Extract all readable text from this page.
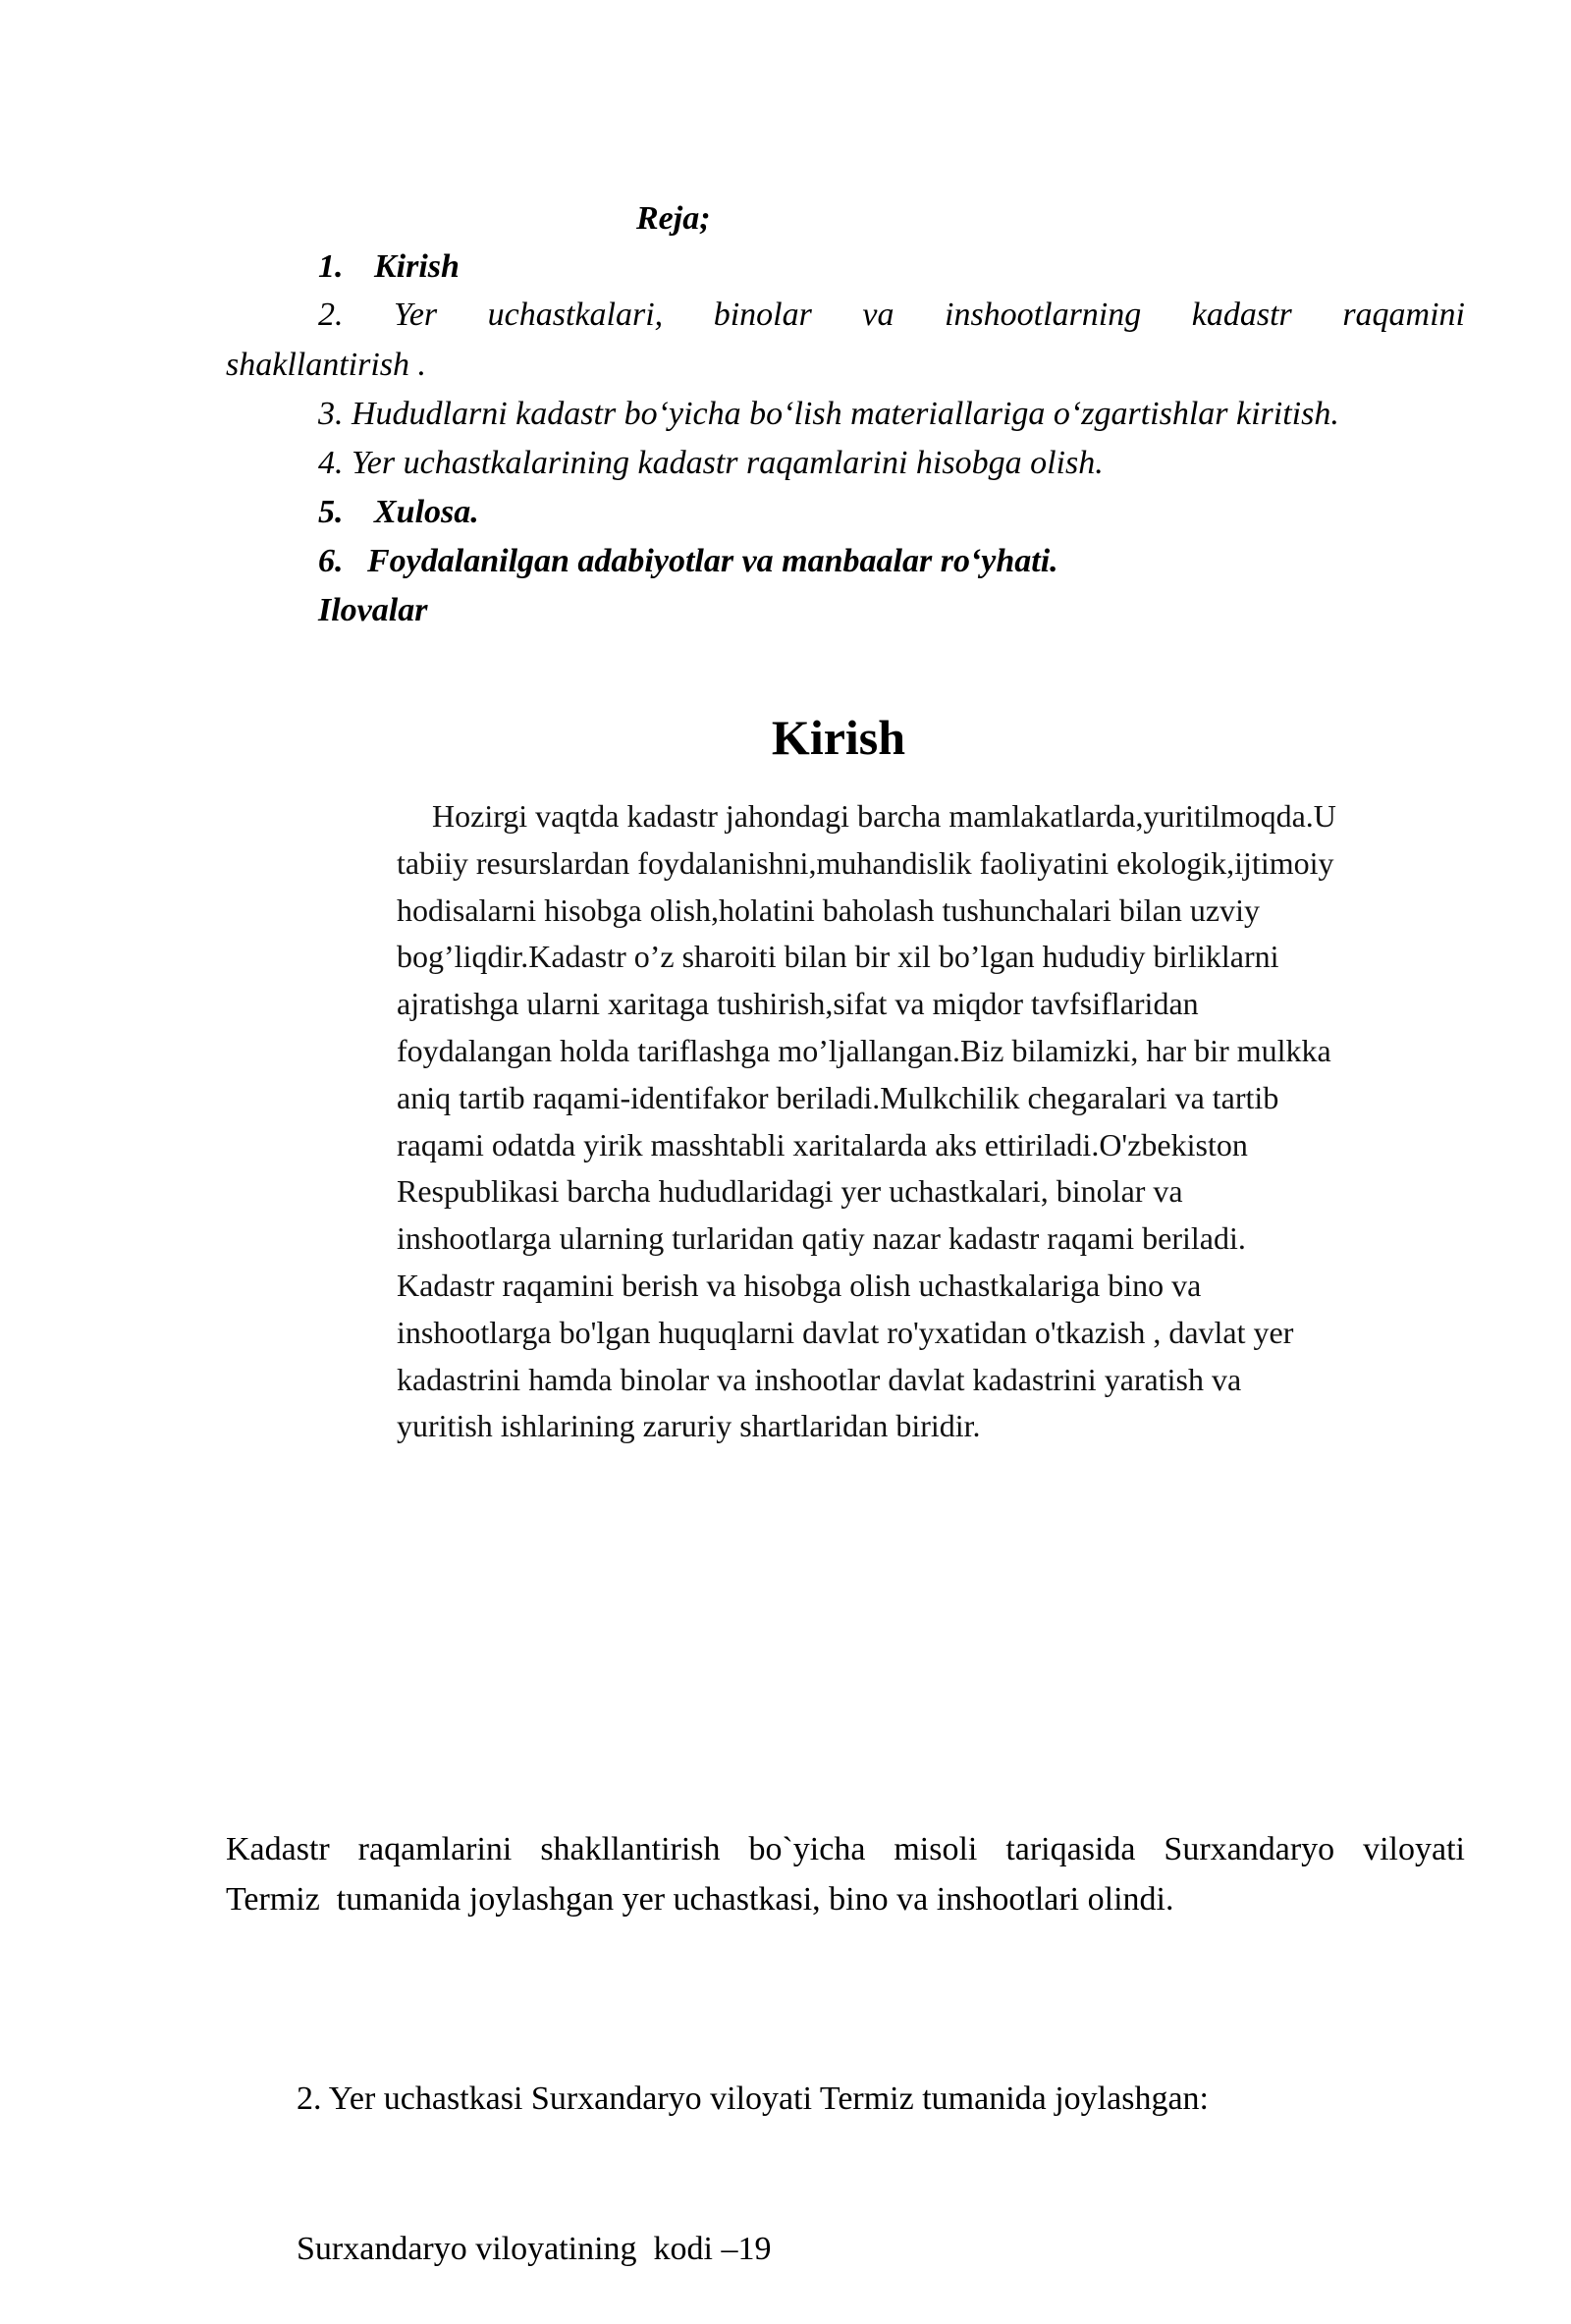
Reja;
1. Kirish
2. Yer uchastkalari, binolar va inshootlarning kadastr raqamini
shakllantirish .
3. Hududlarni kadastr bo‘yicha bo‘lish materiallariga o‘zgartishlar kiritish.
4. Yer uchastkalarining kadastr raqamlarini hisobga olish.
5. Xulosa.
6. Foydalanilgan adabiyotlar va manbaalar ro‘yhati.
Ilovalar
Kirish
Hozirgi vaqtda kadastr jahondagi barcha mamlakatlarda,yuritilmoqda.U
tabiiy resurslardan foydalanishni,muhandislik faoliyatini ekologik,ijtimoiy
hodisalarni hisobga olish,holatini baholash tushunchalari bilan uzviy
bog’liqdir.Kadastr o’z sharoiti bilan bir xil bo’lgan hududiy birliklarni
ajratishga ularni xaritaga tushirish,sifat va miqdor tavfsiflaridan
foydalangan holda tariflashga mo’ljallangan.Biz bilamizki, har bir mulkka
aniq tartib raqami-identifakor beriladi.Mulkchilik chegaralari va tartib
raqami odatda yirik masshtabli xaritalarda aks ettiriladi.O'zbekiston
Respublikasi barcha hududlaridagi yer uchastkalari, binolar va
inshootlarga ularning turlaridan qatiy nazar kadastr raqami beriladi.
Kadastr raqamini berish va hisobga olish uchastkalariga bino va
inshootlarga bo'lgan huquqlarni davlat ro'yxatidan o'tkazish , davlat yer
kadastrini hamda binolar va inshootlar davlat kadastrini yaratish va
yuritish ishlarining zaruriy shartlaridan biridir.
Kadastr raqamlarini shakllantirish bo`yicha misoli tariqasida Surxandaryo viloyati
Termiz  tumanida joylashgan yer uchastkasi, bino va inshootlari olindi.

2. Yer uchastkasi Surxandaryo viloyati Termiz tumanida joylashgan:

Surxandaryo viloyatining  kodi –19
